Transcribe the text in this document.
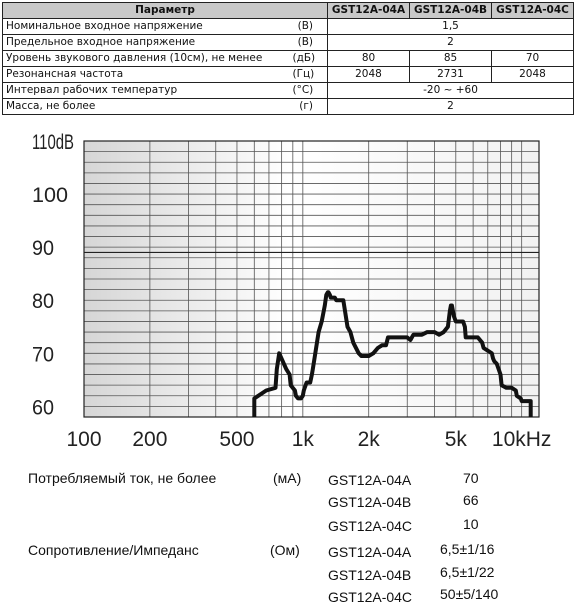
Параметр		GST12A-04A	GST12A-04B	GST12A-04C
Номинальное входное напряжение	(В)	1,5		
Предельное входное напряжение	(В)	2		
Уровень звукового давления (10см), не менее	(дБ)	80	85	70
Резонансная частота	(Гц)	2048	2731	2048
Интервал рабочих температур	(°С)	-20 ~ +60		
Масса, не более	(г)	2		
60
70
80
90
100
110dB
100 200 500 1k 2k	5k 10kHz
Потребляемый ток, не более	(мА) GST12A-04A	70
GST12A-04B	66
GST12A-04C	10
Сопротивление/Импеданс	(Ом) GST12A-04A 6,5±1/16
GST12A-04B 6,5±1/22
GST12A-04C 50±5/140
